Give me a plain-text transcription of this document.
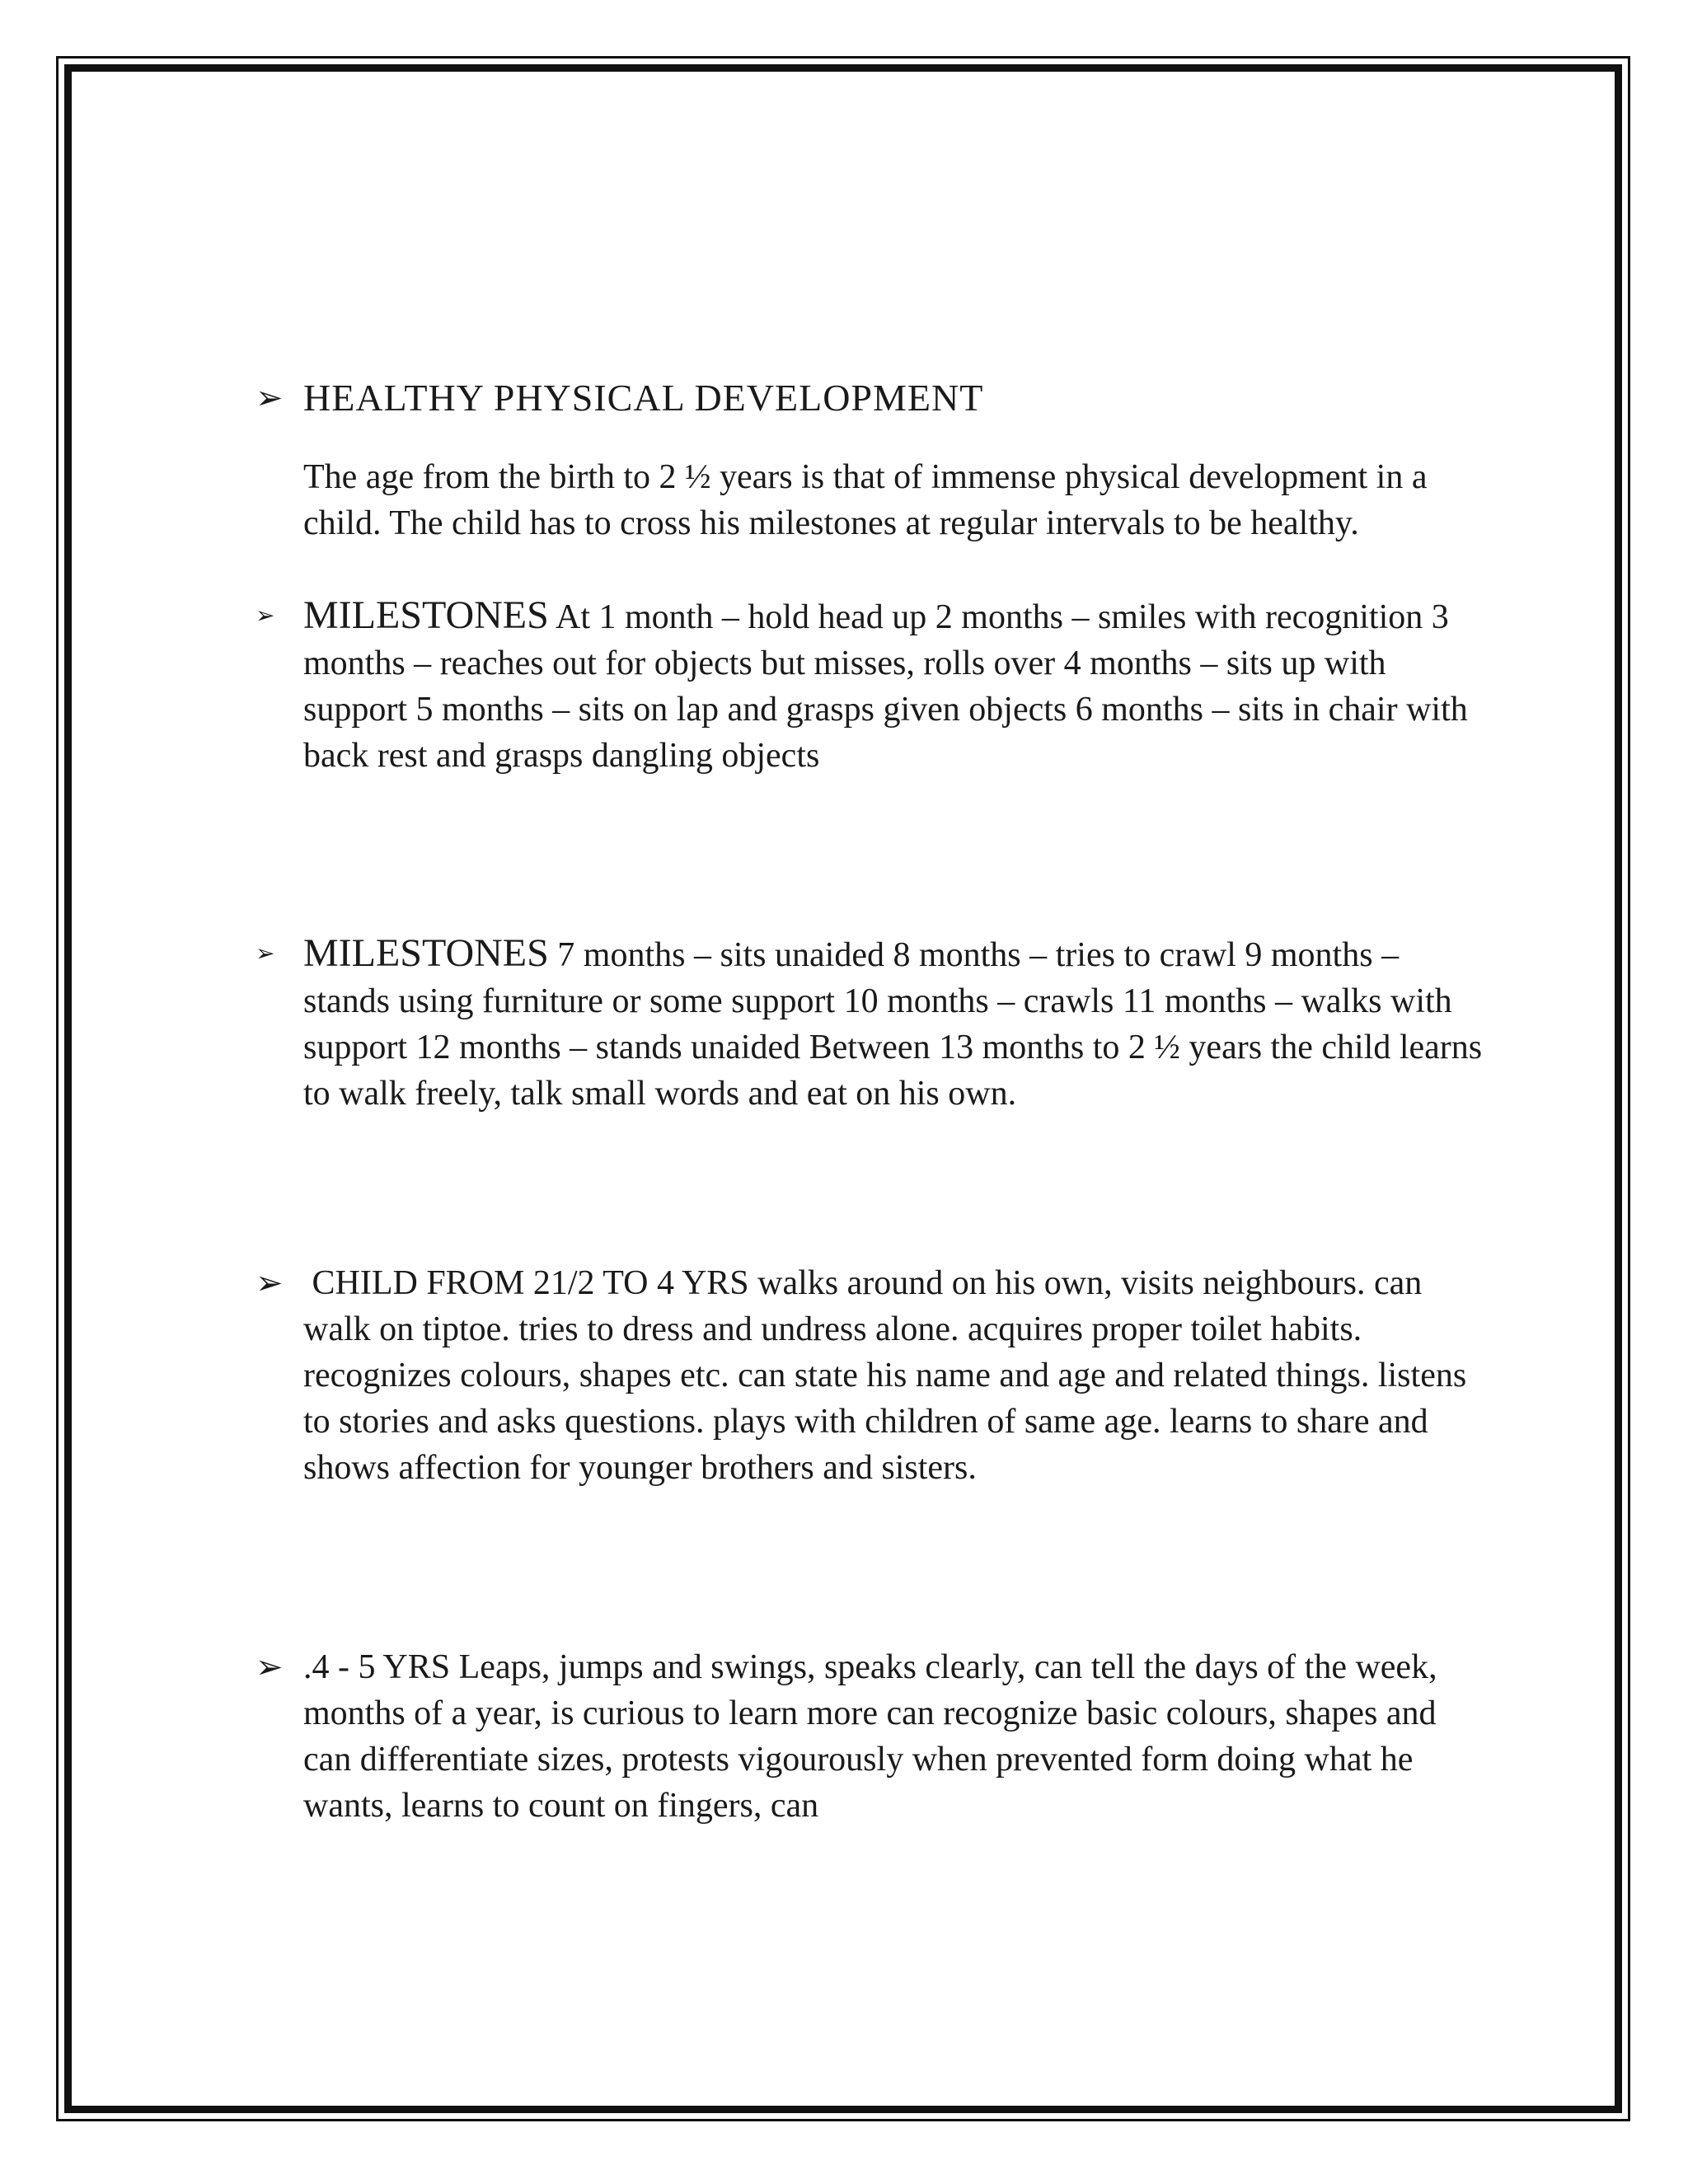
➢ HEALTHY PHYSICAL DEVELOPMENT

The age from the birth to 2 ½ years is that of immense physical development in a child. The child has to cross his milestones at regular intervals to be healthy.

➢ MILESTONES At 1 month – hold head up 2 months – smiles with recognition 3 months – reaches out for objects but misses, rolls over 4 months – sits up with support 5 months – sits on lap and grasps given objects 6 months – sits in chair with back rest and grasps dangling objects

➢ MILESTONES 7 months – sits unaided 8 months – tries to crawl 9 months – stands using furniture or some support 10 months – crawls 11 months – walks with support 12 months – stands unaided Between 13 months to 2 ½ years the child learns to walk freely, talk small words and eat on his own.

➢ CHILD FROM 21/2 TO 4 YRS walks around on his own, visits neighbours. can walk on tiptoe. tries to dress and undress alone. acquires proper toilet habits. recognizes colours, shapes etc. can state his name and age and related things. listens to stories and asks questions. plays with children of same age. learns to share and shows affection for younger brothers and sisters.

➢ .4 - 5 YRS Leaps, jumps and swings, speaks clearly, can tell the days of the week, months of a year, is curious to learn more can recognize basic colours, shapes and can differentiate sizes, protests vigourously when prevented form doing what he wants, learns to count on fingers, can
